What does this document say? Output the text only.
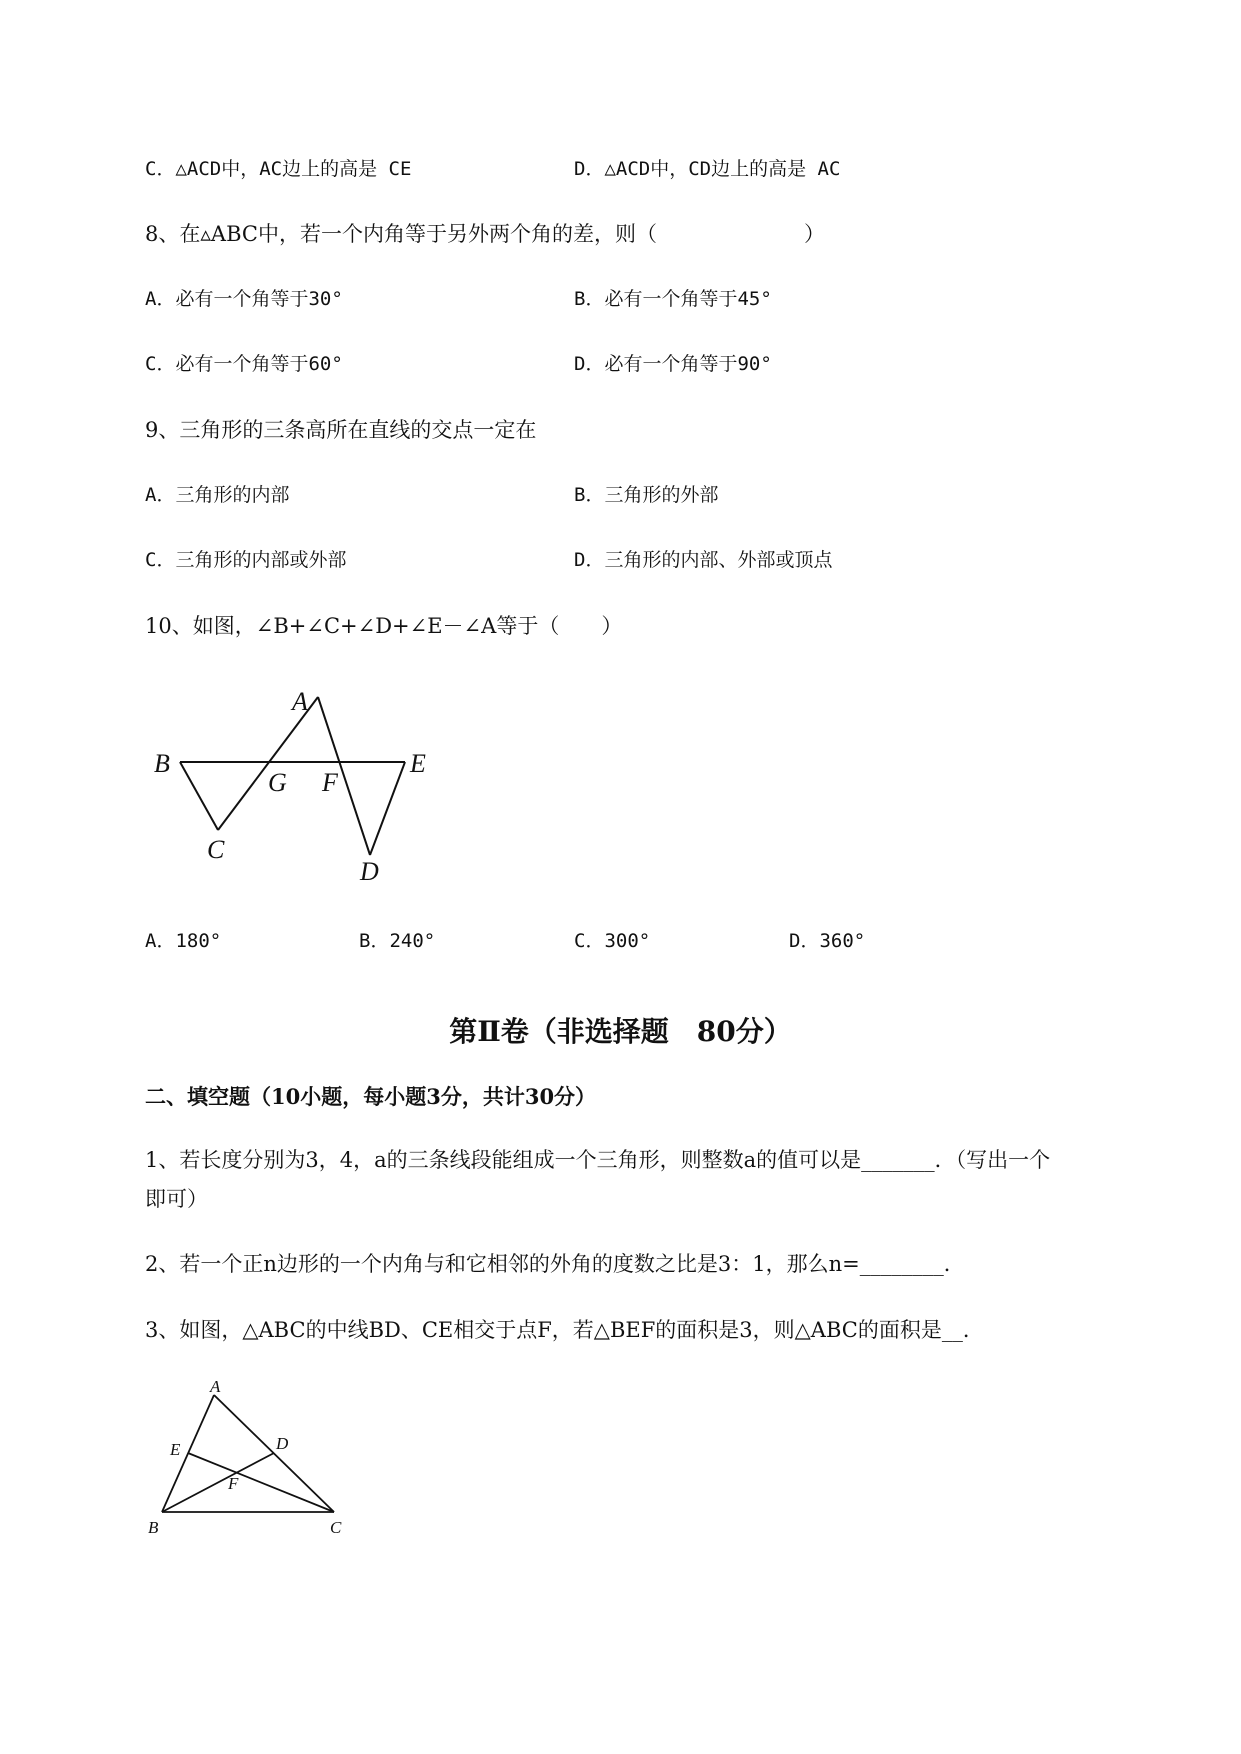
C．△ACD中，AC边上的高是 CE	D．△ACD中，CD边上的高是 AC
8、在▵ABC中，若一个内角等于另外两个角的差，则（　　　　　　　）
A．必有一个角等于30°	B．必有一个角等于45°
C．必有一个角等于60°	D．必有一个角等于90°
9、三角形的三条高所在直线的交点一定在
A．三角形的内部	B．三角形的外部
C．三角形的内部或外部	D．三角形的内部、外部或顶点
10、如图，∠B+∠C+∠D+∠E－∠A等于（　　）
A
B
G F
E
C
D
A．180°	B．240°	C．300°	D．360°
第Ⅱ卷（非选择题　80分）
二、填空题（10小题，每小题3分，共计30分）
1、若长度分别为3，4，a的三条线段能组成一个三角形，则整数a的值可以是_______．（写出一个
即可）
2、若一个正n边形的一个内角与和它相邻的外角的度数之比是3：1，那么n=________．
3、如图，△ABC的中线BD、CE相交于点F，若△BEF的面积是3，则△ABC的面积是__．
A
E	D
F
B	C
